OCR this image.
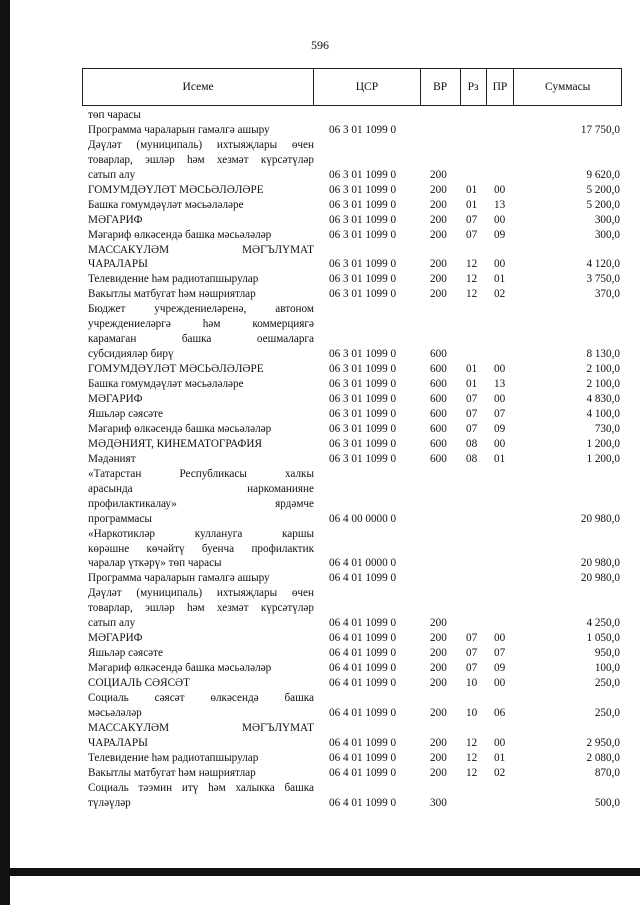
596
Исеме	ЦСР	ВР	Рз	ПР	Суммасы
төп чарасы
Программа чараларын гамәлгә ашыру	06 3 01 1099 0	17 750,0
Дәүләт (муниципаль) ихтыяҗлары өчен
товарлар, эшләр һәм хезмәт күрсәтүләр
сатып алу	06 3 01 1099 0	200	9 620,0
ГОМУМДӘҮЛӘТ МӘСЬӘЛӘЛӘРЕ	06 3 01 1099 0	200 01 00	5 200,0
Башка гомумдәүләт мәсьәләләре	06 3 01 1099 0	200 01 13	5 200,0
МӘГАРИФ	06 3 01 1099 0	200 07 00	300,0
Мәгариф өлкәсендә башка мәсьәләләр	06 3 01 1099 0	200 07 09	300,0
МАССАКҮЛӘМ МӘГЪЛҮМАТ
ЧАРАЛАРЫ	06 3 01 1099 0	200 12 00	4 120,0
Телевидение һәм радиотапшырулар	06 3 01 1099 0	200 12 01	3 750,0
Вакытлы матбугат һәм нәшриятлар	06 3 01 1099 0	200 12 02	370,0
Бюджет учреждениеләренә, автоном
учреждениеләргә һәм коммерциягә
карамаган башка оешмаларга
субсидияләр бирү	06 3 01 1099 0	600	8 130,0
ГОМУМДӘҮЛӘТ МӘСЬӘЛӘЛӘРЕ	06 3 01 1099 0	600 01 00	2 100,0
Башка гомумдәүләт мәсьәләләре	06 3 01 1099 0	600 01 13	2 100,0
МӘГАРИФ	06 3 01 1099 0	600 07 00	4 830,0
Яшьләр сәясәте	06 3 01 1099 0	600 07 07	4 100,0
Мәгариф өлкәсендә башка мәсьәләләр	06 3 01 1099 0	600 07 09	730,0
МӘДӘНИЯТ, КИНЕМАТОГРАФИЯ	06 3 01 1099 0	600 08 00	1 200,0
Мәдәният	06 3 01 1099 0	600 08 01	1 200,0
«Татарстан Республикасы халкы
арасында наркоманияне
профилактикалау» ярдәмче
программасы	06 4 00 0000 0	20 980,0
«Наркотикләр кулланугa каршы
көрәшне көчәйтү буенча профилактик
чаралар үткәрү» төп чарасы	06 4 01 0000 0	20 980,0
Программа чараларын гамәлгә ашыру	06 4 01 1099 0	20 980,0
Дәүләт (муниципаль) ихтыяҗлары өчен
товарлар, эшләр һәм хезмәт күрсәтүләр
сатып алу	06 4 01 1099 0	200	4 250,0
МӘГАРИФ	06 4 01 1099 0	200 07 00	1 050,0
Яшьләр сәясәте	06 4 01 1099 0	200 07 07	950,0
Мәгариф өлкәсендә башка мәсьәләләр	06 4 01 1099 0	200 07 09	100,0
СОЦИАЛЬ СӘЯСӘТ	06 4 01 1099 0	200 10 00	250,0
Социаль сәясәт өлкәсендә башка
мәсьәләләр	06 4 01 1099 0	200 10 06	250,0
МАССАКҮЛӘМ МӘГЪЛҮМАТ
ЧАРАЛАРЫ	06 4 01 1099 0	200 12 00	2 950,0
Телевидение һәм радиотапшырулар	06 4 01 1099 0	200 12 01	2 080,0
Вакытлы матбугат һәм нәшриятлар	06 4 01 1099 0	200 12 02	870,0
Социаль тәэмин итү һәм халыкка башка
түләүләр	06 4 01 1099 0	300	500,0
